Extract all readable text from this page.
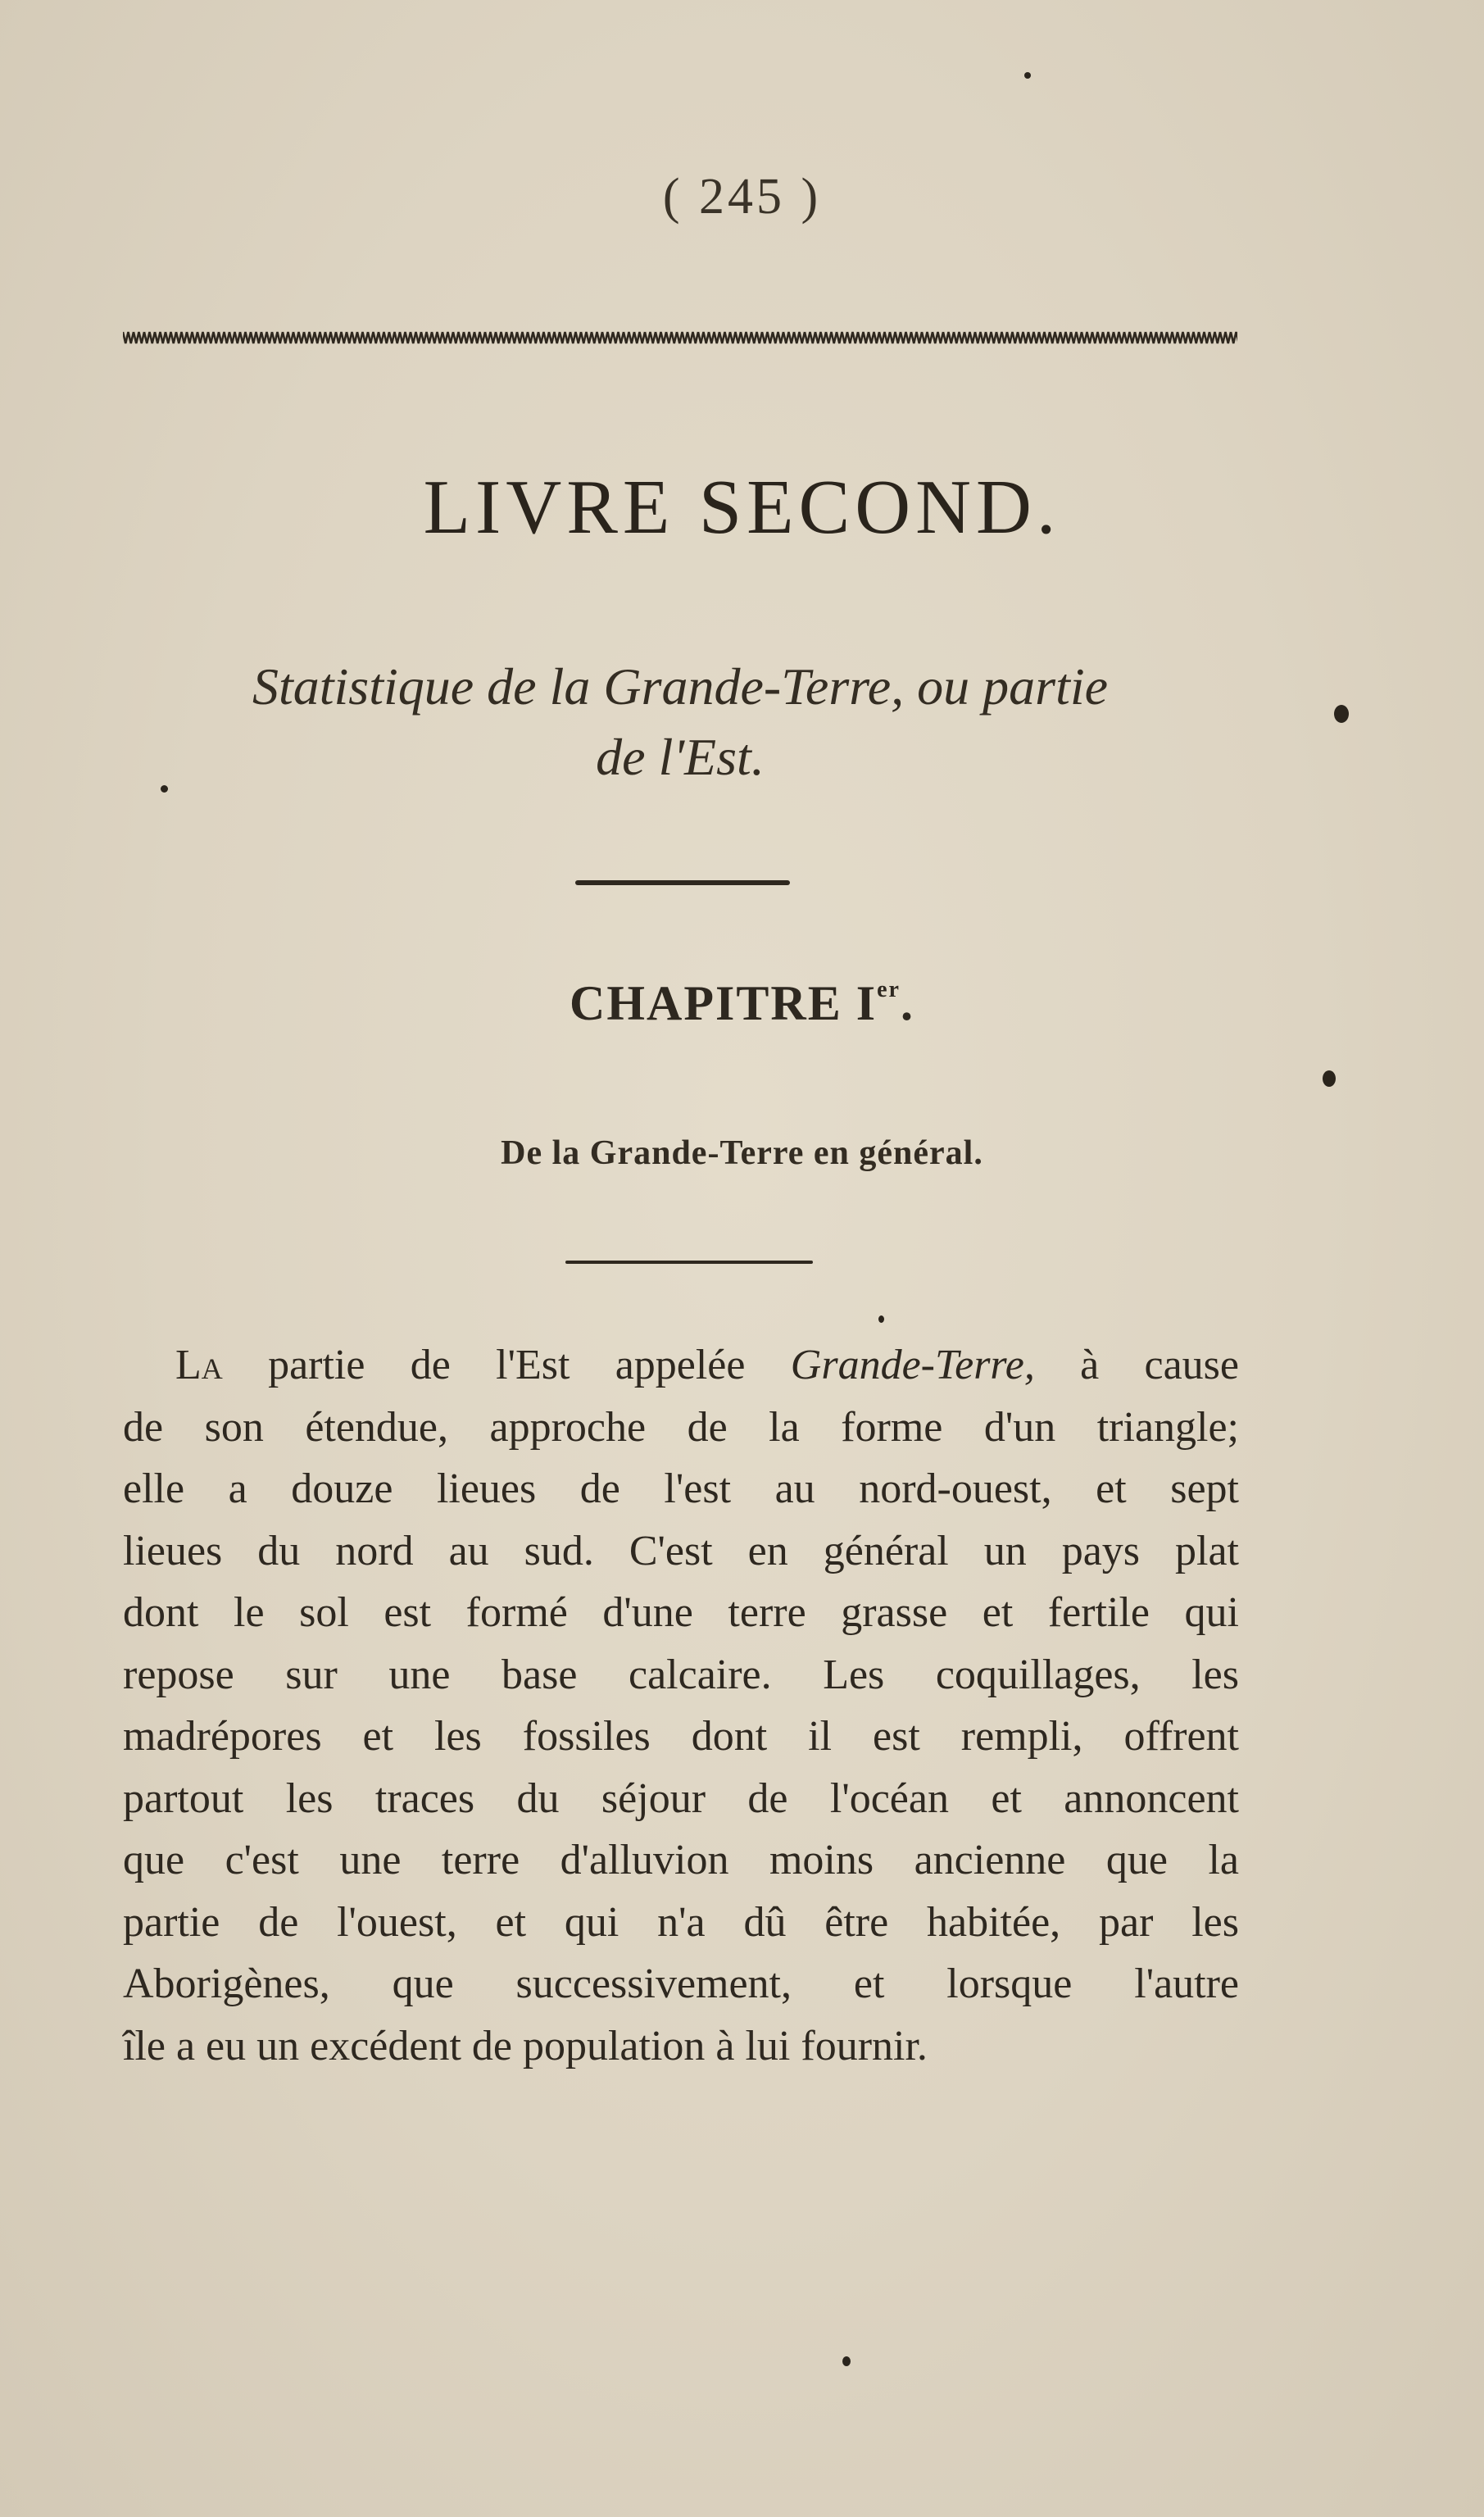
( 245 )
LIVRE SECOND.

Statistique de la Grande-Terre, ou partie
de l'Est.

CHAPITRE Ier.
De la Grande-Terre en général.

La partie de l'Est appelée Grande-Terre, à cause
de son étendue, approche de la forme d'un triangle;
elle a douze lieues de l'est au nord-ouest, et sept
lieues du nord au sud. C'est en général un pays plat
dont le sol est formé d'une terre grasse et fertile qui
repose sur une base calcaire. Les coquillages, les
madrépores et les fossiles dont il est rempli, offrent
partout les traces du séjour de l'océan et annoncent
que c'est une terre d'alluvion moins ancienne que la
partie de l'ouest, et qui n'a dû être habitée, par les
Aborigènes, que successivement, et lorsque l'autre
île a eu un excédent de population à lui fournir.
